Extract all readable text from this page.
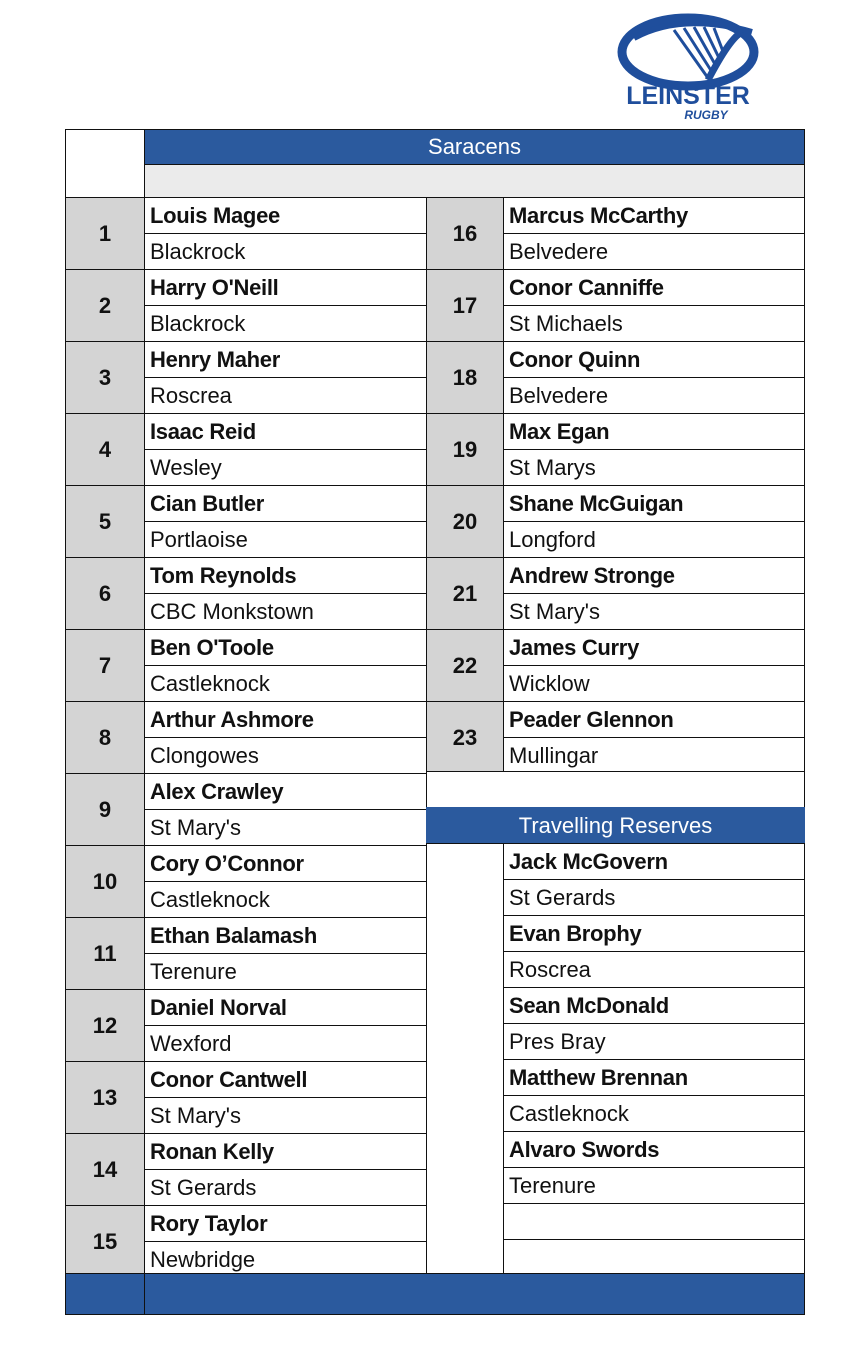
LEINSTER
RUGBY
Saracens
1
Louis Magee
Blackrock
2
Harry O'Neill
Blackrock
3
Henry Maher
Roscrea
4
Isaac Reid
Wesley
5
Cian Butler
Portlaoise
6
Tom Reynolds
CBC Monkstown
7
Ben O'Toole
Castleknock
8
Arthur Ashmore
Clongowes
9
Alex Crawley
St Mary's
10
Cory O’Connor
Castleknock
11
Ethan Balamash
Terenure
12
Daniel Norval
Wexford
13
Conor Cantwell
St Mary's
14
Ronan Kelly
St Gerards
15
Rory Taylor
Newbridge
16
Marcus McCarthy
Belvedere
17
Conor Canniffe
St Michaels
18
Conor Quinn
Belvedere
19
Max Egan
St Marys
20
Shane McGuigan
Longford
21
Andrew Stronge
St Mary's
22
James Curry
Wicklow
23
Peader Glennon
Mullingar
Travelling Reserves
Jack McGovern
St Gerards
Evan Brophy
Roscrea
Sean McDonald
Pres Bray
Matthew Brennan
Castleknock
Alvaro Swords
Terenure
